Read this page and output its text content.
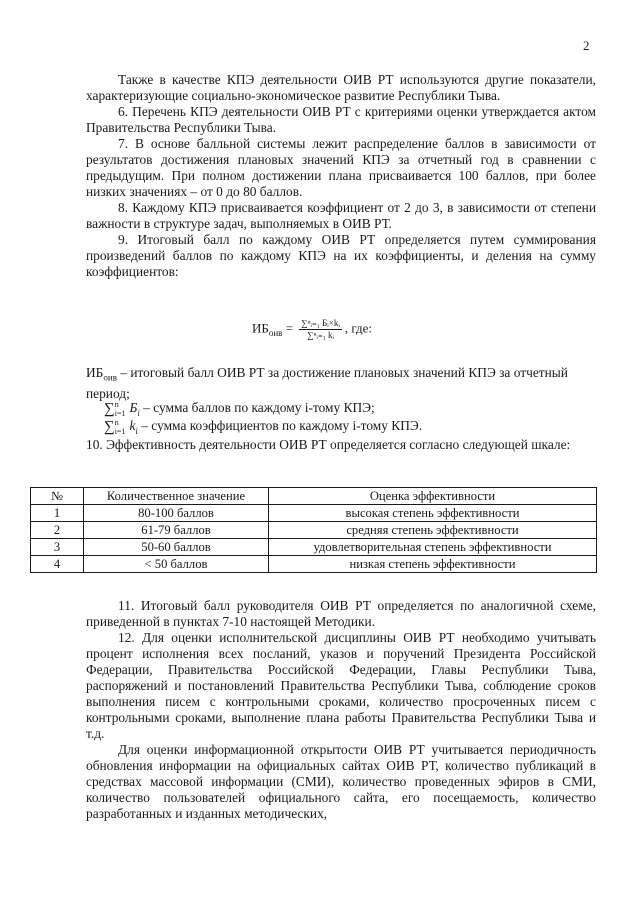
2

Также в качестве КПЭ деятельности ОИВ РТ используются другие показатели, характеризующие социально-экономическое развитие Республики Тыва.

6. Перечень КПЭ деятельности ОИВ РТ с критериями оценки утверждается актом Правительства Республики Тыва.

7. В основе балльной системы лежит распределение баллов в зависимости от результатов достижения плановых значений КПЭ за отчетный год в сравнении с предыдущим. При полном достижении плана присваивается 100 баллов, при более низких значениях – от 0 до 80 баллов.

8. Каждому КПЭ присваивается коэффициент от 2 до 3, в зависимости от степени важности в структуре задач, выполняемых в ОИВ РТ.

9. Итоговый балл по каждому ОИВ РТ определяется путем суммирования произведений баллов по каждому КПЭ на их коэффициенты, и деления на сумму коэффициентов:

$ИБ_{оив} = \frac{\text{∑ⁿᵢ₌₁ Бᵢ×kᵢ}}{\text{∑ⁿᵢ₌₁ kᵢ}}$ , где:

$ИБ_{оив}$ – итоговый балл ОИВ РТ за достижение плановых значений КПЭ за отчетный период;

∑n
i=1 $Б_i$ – сумма баллов по каждому i-тому КПЭ;
∑n
i=1 $k_i$ – сумма коэффициентов по каждому i-тому КПЭ.

10. Эффективность деятельности ОИВ РТ определяется согласно следующей шкале:

№	Количественное значение	Оценка эффективности
1	80-100 баллов	высокая степень эффективности
2	61-79 баллов	средняя степень эффективности
3	50-60 баллов	удовлетворительная степень эффективности
4	< 50 баллов	низкая степень эффективности

11. Итоговый балл руководителя ОИВ РТ определяется по аналогичной схеме, приведенной в пунктах 7-10 настоящей Методики.

12. Для оценки исполнительской дисциплины ОИВ РТ необходимо учитывать процент исполнения всех посланий, указов и поручений Президента Российской Федерации, Правительства Российской Федерации, Главы Республики Тыва, распоряжений и постановлений Правительства Республики Тыва, соблюдение сроков выполнения писем с контрольными сроками, количество просроченных писем с контрольными сроками, выполнение плана работы Правительства Республики Тыва и т.д.

Для оценки информационной открытости ОИВ РТ учитывается периодичность обновления информации на официальных сайтах ОИВ РТ, количество публикаций в средствах массовой информации (СМИ), количество проведенных эфиров в СМИ, количество пользователей официального сайта, его посещаемость, количество разработанных и изданных методических,
